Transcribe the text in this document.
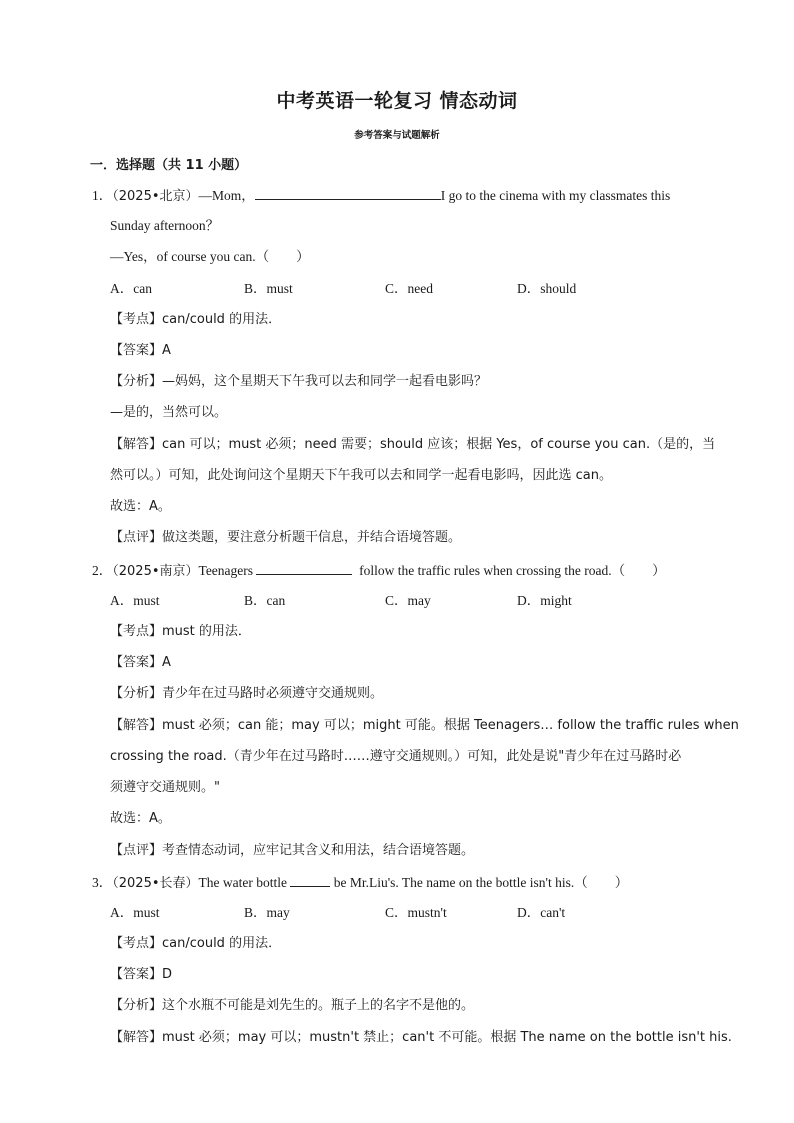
中考英语一轮复习 情态动词
参考答案与试题解析
一．选择题（共 11 小题）
1．（2025•北京）—Mom，	I go to the cinema with my classmates this
Sunday afternoon？
—Yes，of course you can.（　　）
A．can	B．must	C．need	D．should
【考点】can/could 的用法．
【答案】A
【分析】—妈妈，这个星期天下午我可以去和同学一起看电影吗？
—是的，当然可以。
【解答】can 可以；must 必须；need 需要；should 应该；根据 Yes，of course you can.（是的，当
然可以。）可知，此处询问这个星期天下午我可以去和同学一起看电影吗，因此选 can。
故选：A。
【点评】做这类题，要注意分析题干信息，并结合语境答题。
2．（2025•南京）Teenagers	follow the traffic rules when crossing the road.（　　）
A．must	B．can	C．may	D．might
【考点】must 的用法．
【答案】A
【分析】青少年在过马路时必须遵守交通规则。
【解答】must 必须；can 能；may 可以；might 可能。根据 Teenagers… follow the traffic rules when
crossing the road.（青少年在过马路时……遵守交通规则。）可知，此处是说"青少年在过马路时必
须遵守交通规则。"
故选：A。
【点评】考查情态动词，应牢记其含义和用法，结合语境答题。
3．（2025•长春）The water bottle	be Mr.Liu's. The name on the bottle isn't his.（　　）
A．must	B．may	C．mustn't	D．can't
【考点】can/could 的用法．
【答案】D
【分析】这个水瓶不可能是刘先生的。瓶子上的名字不是他的。
【解答】must 必须；may 可以；mustn't 禁止；can't 不可能。根据 The name on the bottle isn't his.
